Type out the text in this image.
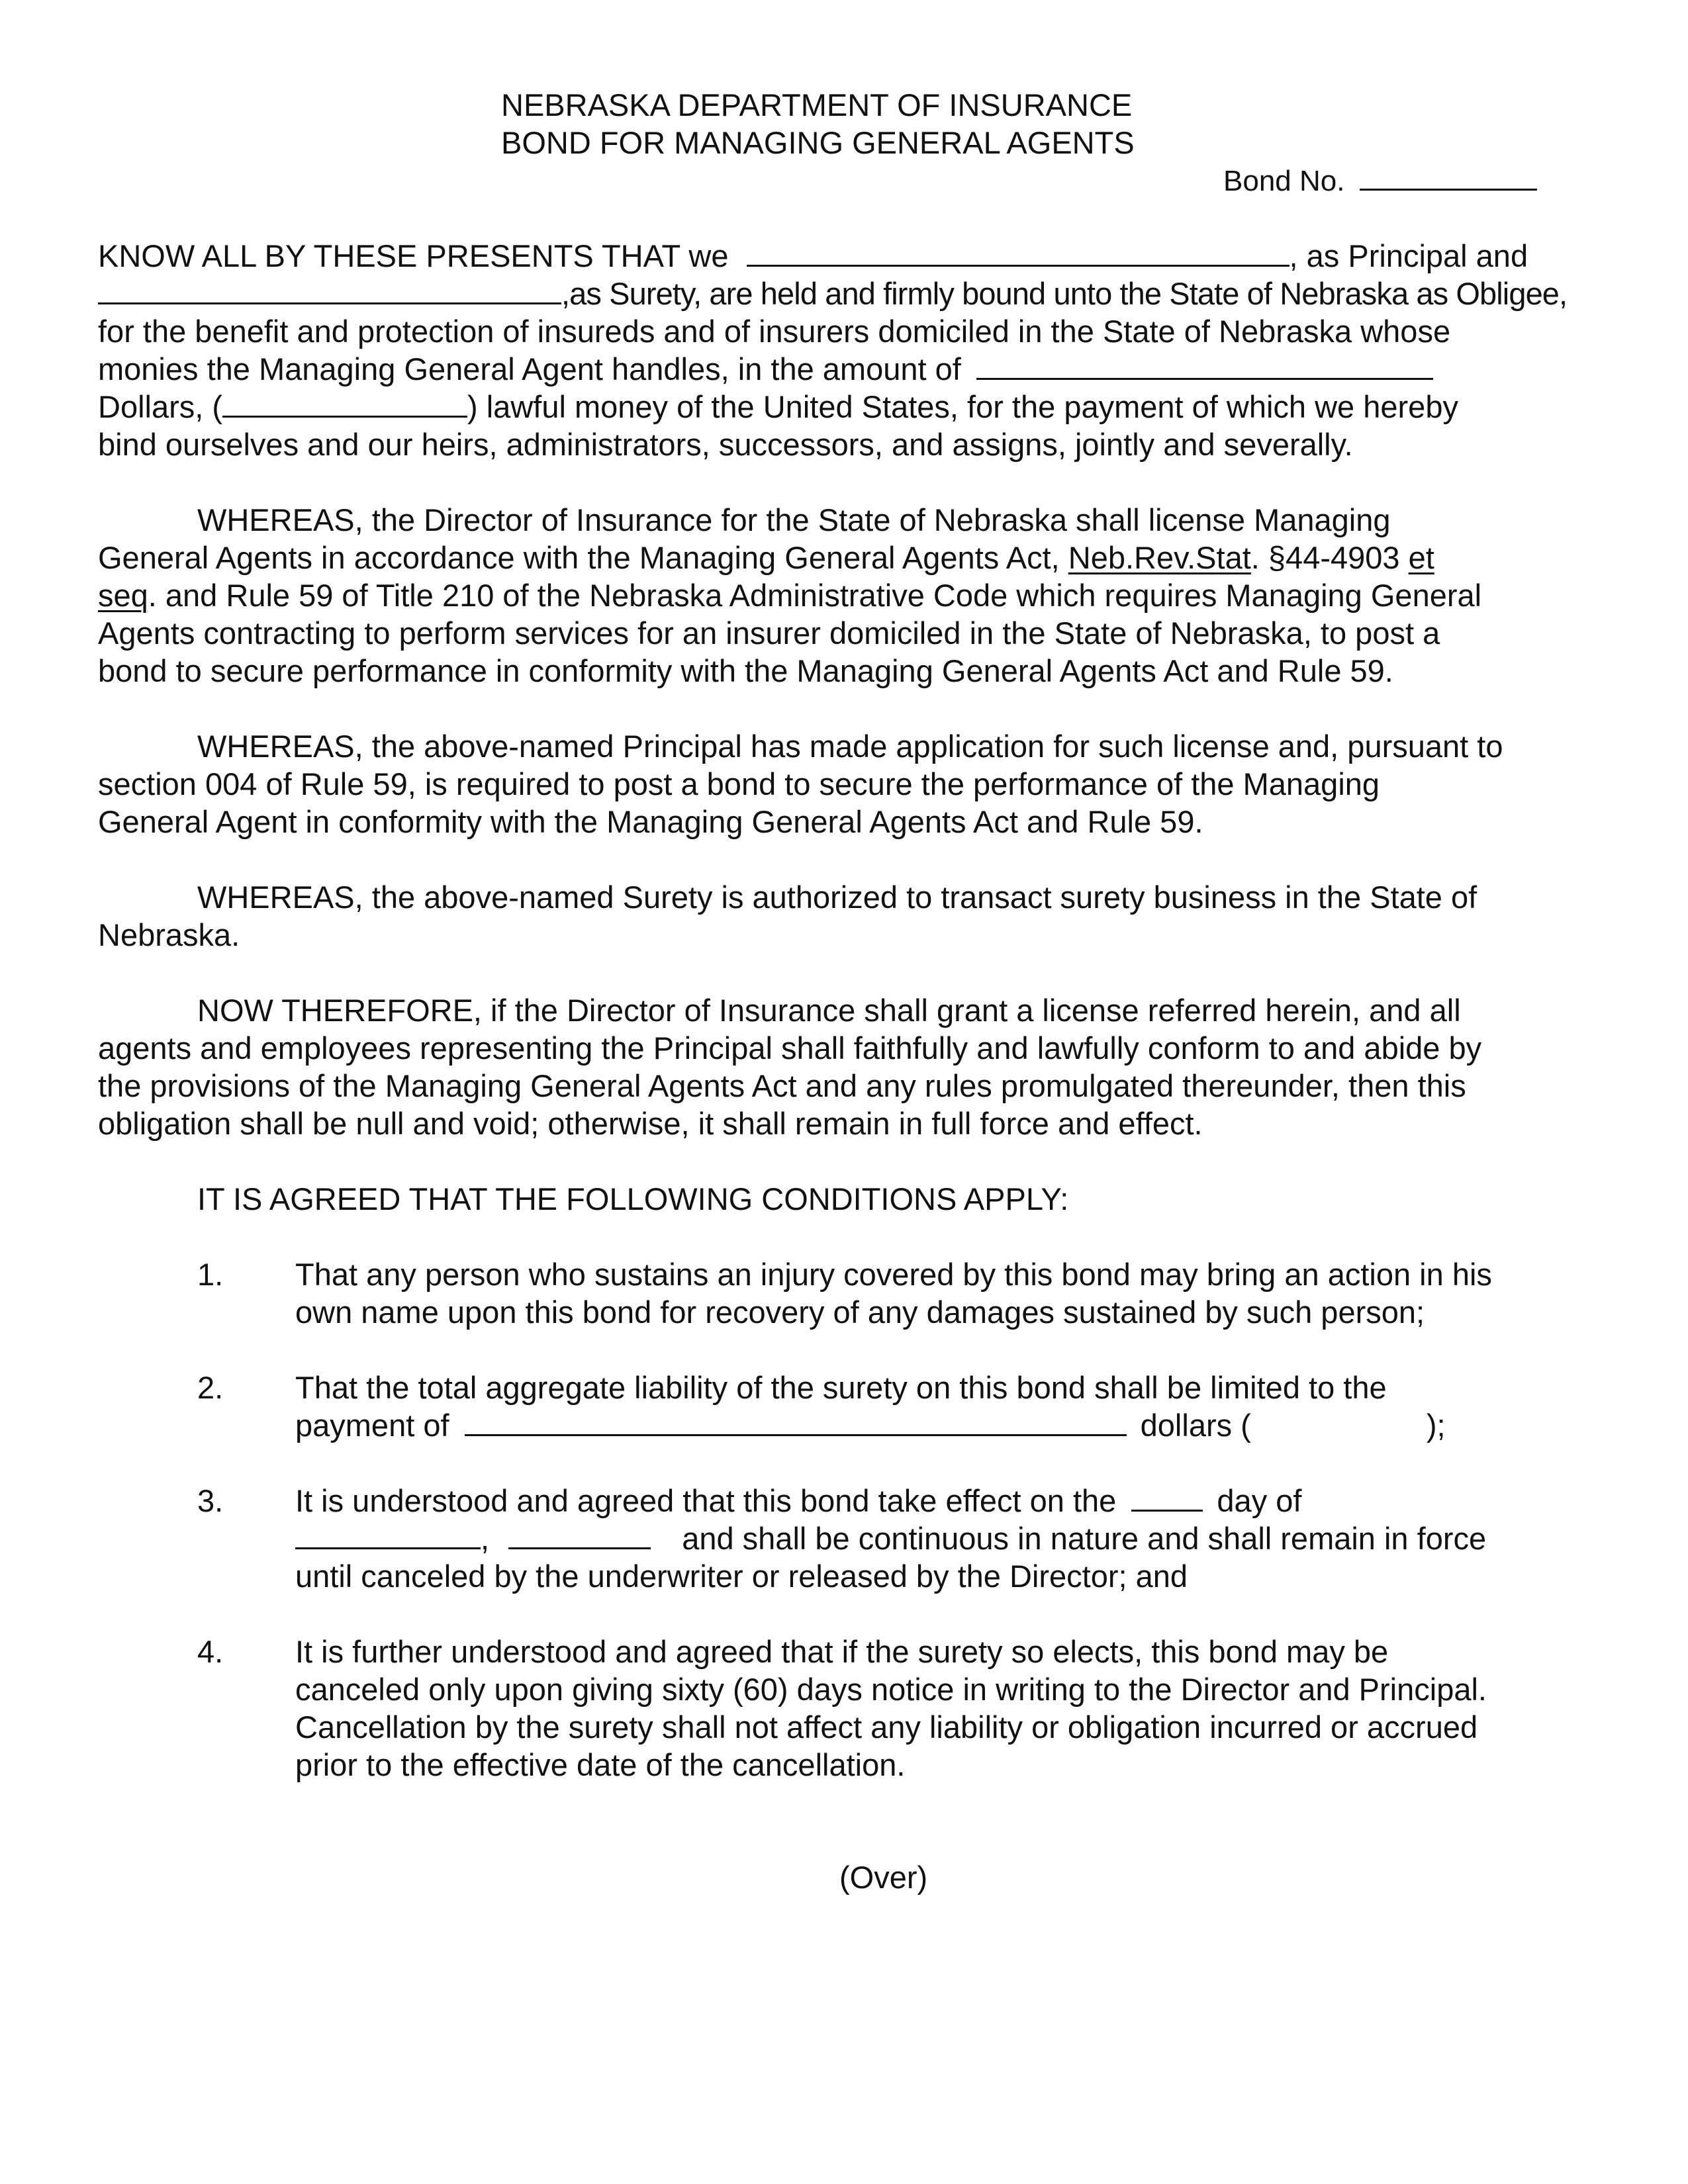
NEBRASKA DEPARTMENT OF INSURANCE
BOND FOR MANAGING GENERAL AGENTS
Bond No.
KNOW ALL BY THESE PRESENTS THAT we	, as Principal and
,as Surety, are held and firmly bound unto the State of Nebraska as Obligee,
for the benefit and protection of insureds and of insurers domiciled in the State of Nebraska whose
monies the Managing General Agent handles, in the amount of
Dollars, (	) lawful money of the United States, for the payment of which we hereby
bind ourselves and our heirs, administrators, successors, and assigns, jointly and severally.
WHEREAS, the Director of Insurance for the State of Nebraska shall license Managing
General Agents in accordance with the Managing General Agents Act, Neb.Rev.Stat. §44-4903 et
seq. and Rule 59 of Title 210 of the Nebraska Administrative Code which requires Managing General
Agents contracting to perform services for an insurer domiciled in the State of Nebraska, to post a
bond to secure performance in conformity with the Managing General Agents Act and Rule 59.
WHEREAS, the above-named Principal has made application for such license and, pursuant to
section 004 of Rule 59, is required to post a bond to secure the performance of the Managing
General Agent in conformity with the Managing General Agents Act and Rule 59.
WHEREAS, the above-named Surety is authorized to transact surety business in the State of
Nebraska.
NOW THEREFORE, if the Director of Insurance shall grant a license referred herein, and all
agents and employees representing the Principal shall faithfully and lawfully conform to and abide by
the provisions of the Managing General Agents Act and any rules promulgated thereunder, then this
obligation shall be null and void; otherwise, it shall remain in full force and effect.
IT IS AGREED THAT THE FOLLOWING CONDITIONS APPLY:
1. That any person who sustains an injury covered by this bond may bring an action in his
own name upon this bond for recovery of any damages sustained by such person;
2. That the total aggregate liability of the surety on this bond shall be limited to the
payment of	dollars (	);
3. It is understood and agreed that this bond take effect on the	day of
,	and shall be continuous in nature and shall remain in force
until canceled by the underwriter or released by the Director; and
4. It is further understood and agreed that if the surety so elects, this bond may be
canceled only upon giving sixty (60) days notice in writing to the Director and Principal.
Cancellation by the surety shall not affect any liability or obligation incurred or accrued
prior to the effective date of the cancellation.
(Over)
